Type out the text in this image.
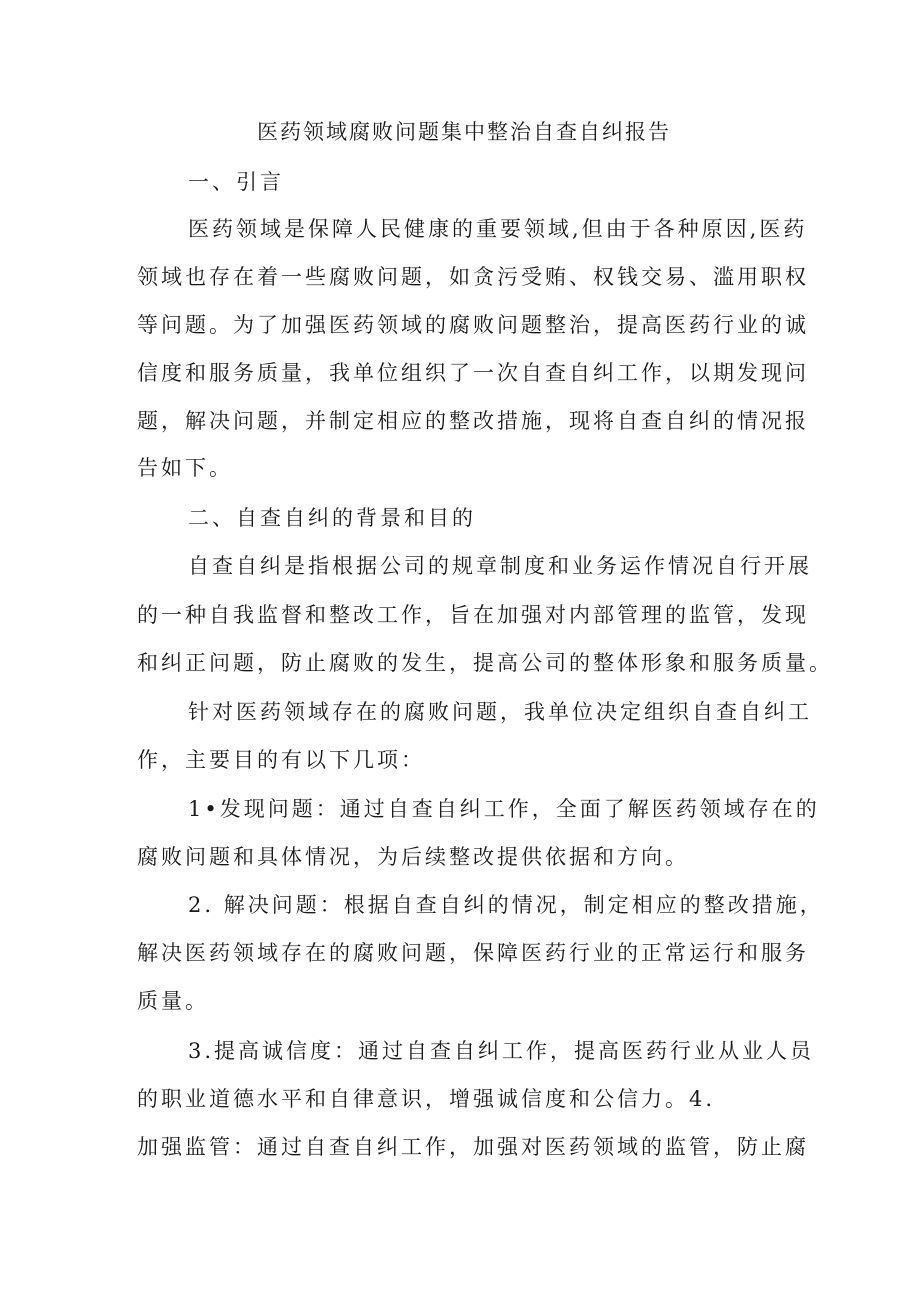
医药领域腐败问题集中整治自查自纠报告

一、引言

医药领域是保障人民健康的重要领域,但由于各种原因,医药

领域也存在着一些腐败问题，如贪污受贿、权钱交易、滥用职权

等问题。为了加强医药领域的腐败问题整治，提高医药行业的诚

信度和服务质量，我单位组织了一次自查自纠工作，以期发现问

题，解决问题，并制定相应的整改措施，现将自查自纠的情况报

告如下。

二、自查自纠的背景和目的

自查自纠是指根据公司的规章制度和业务运作情况自行开展

的一种自我监督和整改工作，旨在加强对内部管理的监管，发现

和纠正问题，防止腐败的发生，提高公司的整体形象和服务质量。

针对医药领域存在的腐败问题，我单位决定组织自查自纠工

作，主要目的有以下几项：

1•发现问题：通过自查自纠工作，全面了解医药领域存在的

腐败问题和具体情况，为后续整改提供依据和方向。

2. 解决问题：根据自查自纠的情况，制定相应的整改措施，

解决医药领域存在的腐败问题，保障医药行业的正常运行和服务

质量。

3.提高诚信度：通过自查自纠工作，提高医药行业从业人员

的职业道德水平和自律意识，增强诚信度和公信力。4.

加强监管：通过自查自纠工作，加强对医药领域的监管，防止腐
